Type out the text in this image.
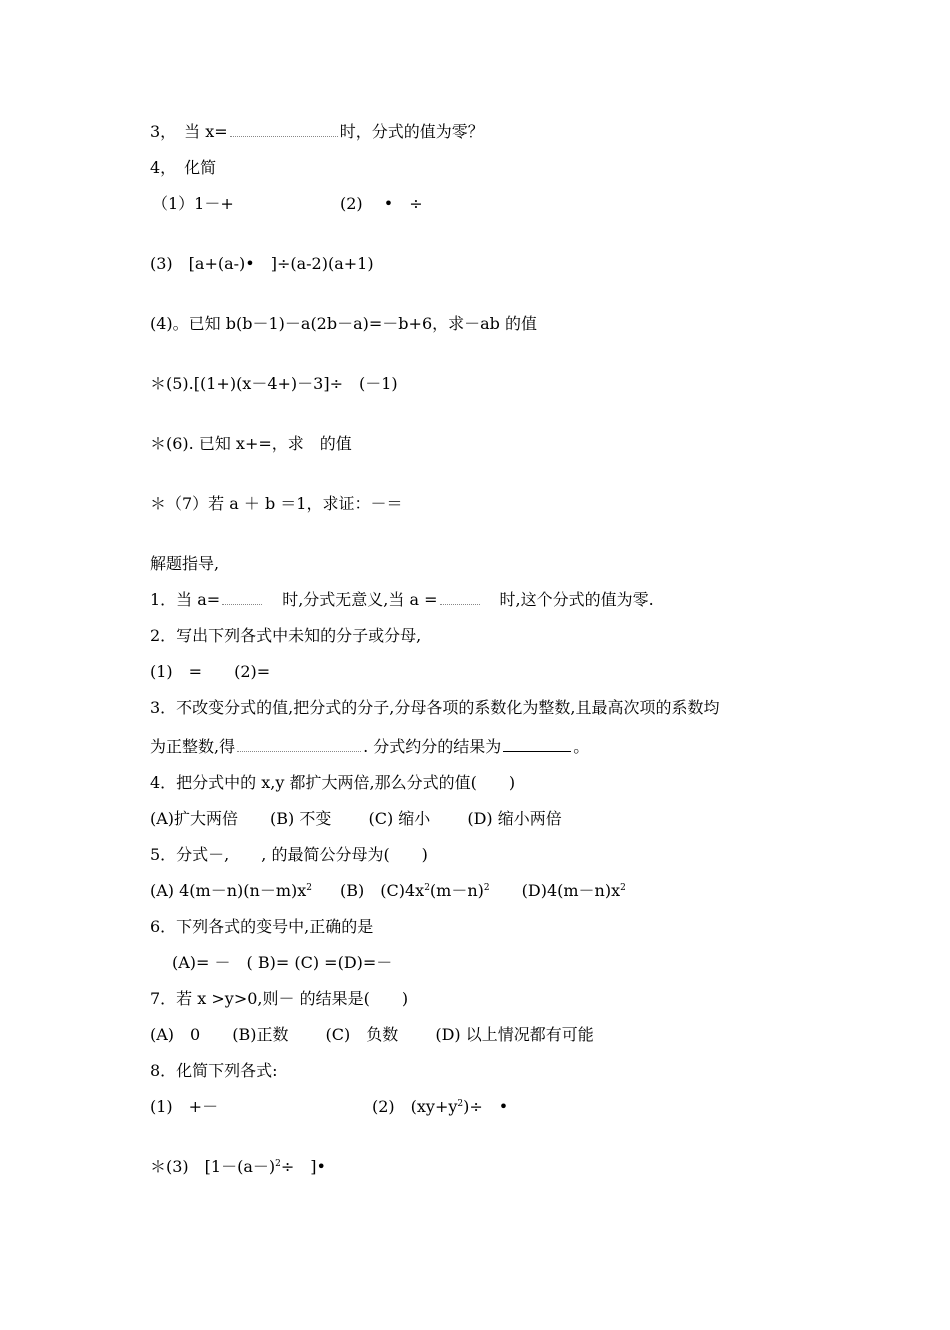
3，　当 x=	时，分式的值为零？
4，　化简
（1）1－+	(2)　 •　÷
(3)　[a+(a-)•　]÷(a-2)(a+1)
(4)。已知 b(b－1)－a(2b－a)=－b+6，求－ab 的值
＊(5).[(1+)(x－4+)－3]÷　(－1)
＊(6). 已知 x+=，求　的值
＊（7）若 a ＋ b ＝1，求证：－＝
解题指导,
1．当 a=	时,分式无意义,当 a =	时,这个分式的值为零.
2．写出下列各式中未知的分子或分母,
(1)　=　　(2)=
3．不改变分式的值,把分式的分子,分母各项的系数化为整数,且最高次项的系数均
为正整数,得	. 分式约分的结果为	。
4．把分式中的 x,y 都扩大两倍,那么分式的值(　　)
(A)扩大两倍　　(B) 不变　　 (C) 缩小　　 (D) 缩小两倍
5．分式－,　　, 的最简公分母为(　　)
(A) $4(m-n)(n-m)x^2$　(B)　$(C)4x^2(m-n)^2$　　$(D)4(m-n)x^2$
6．下列各式的变号中,正确的是
(A)= －　( B)= (C) =(D)=－
7．若 x >y>0,则－ 的结果是(　　)
(A)　0　　(B)正数　　 (C)　负数　　 (D) 以上情况都有可能
8．化简下列各式:
(1)　+－	(2)　$(xy+y^2)\div$　•
＊(3)　[$1-(a-)^2\div$　]•
